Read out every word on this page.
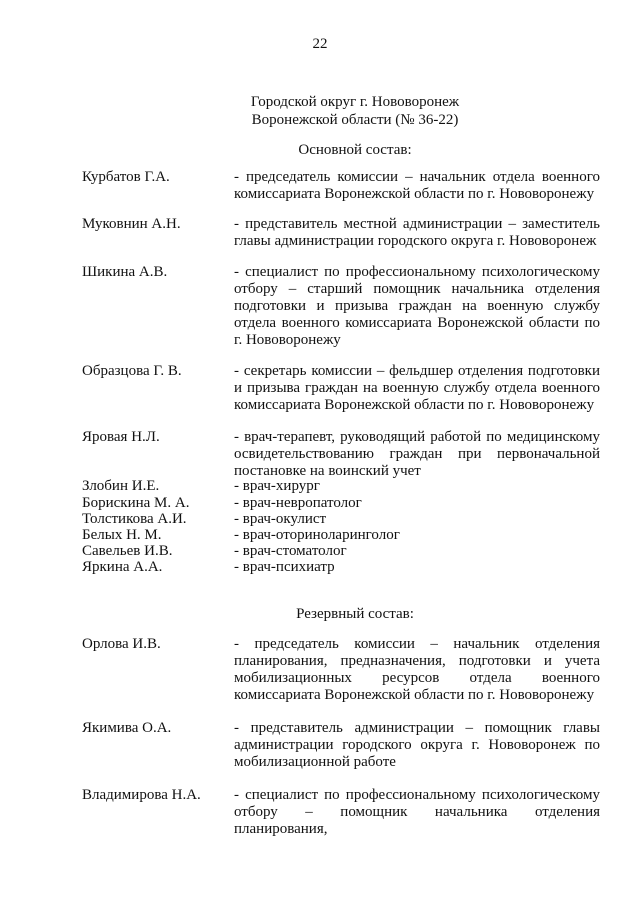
22
Городской округ г. Нововоронеж
Воронежской области (№ 36-22)
Основной состав:
Курбатов Г.А.	- председатель комиссии – начальник отдела военного комиссариата Воронежской области по г. Нововоронежу
Муковнин А.Н.	- представитель местной администрации – заместитель главы администрации городского округа г. Нововоронеж
Шикина А.В.	- специалист по профессиональному психологическому отбору – старший помощник начальника отделения подготовки и призыва граждан на военную службу отдела военного комиссариата Воронежской области по г. Нововоронежу
Образцова Г. В.	- секретарь комиссии – фельдшер отделения подготовки и призыва граждан на военную службу отдела военного комиссариата Воронежской области по г. Нововоронежу
Яровая Н.Л.	- врач-терапевт, руководящий работой по медицинскому освидетельствованию граждан при первоначальной постановке на воинский учет
Злобин И.Е.	- врач-хирург
Борискина М. А.	- врач-невропатолог
Толстикова А.И.	- врач-окулист
Белых Н. М.	- врач-оториноларинголог
Савельев И.В.	- врач-стоматолог
Яркина А.А.	- врач-психиатр
Резервный состав:
Орлова И.В.	- председатель комиссии – начальник отделения планирования, предназначения, подготовки и учета мобилизационных ресурсов отдела военного комиссариата Воронежской области по г. Нововоронежу
Якимива О.А.	- представитель администрации – помощник главы администрации городского округа г. Нововоронеж по мобилизационной работе
Владимирова Н.А.	- специалист по профессиональному психологическому отбору – помощник начальника отделения планирования,
